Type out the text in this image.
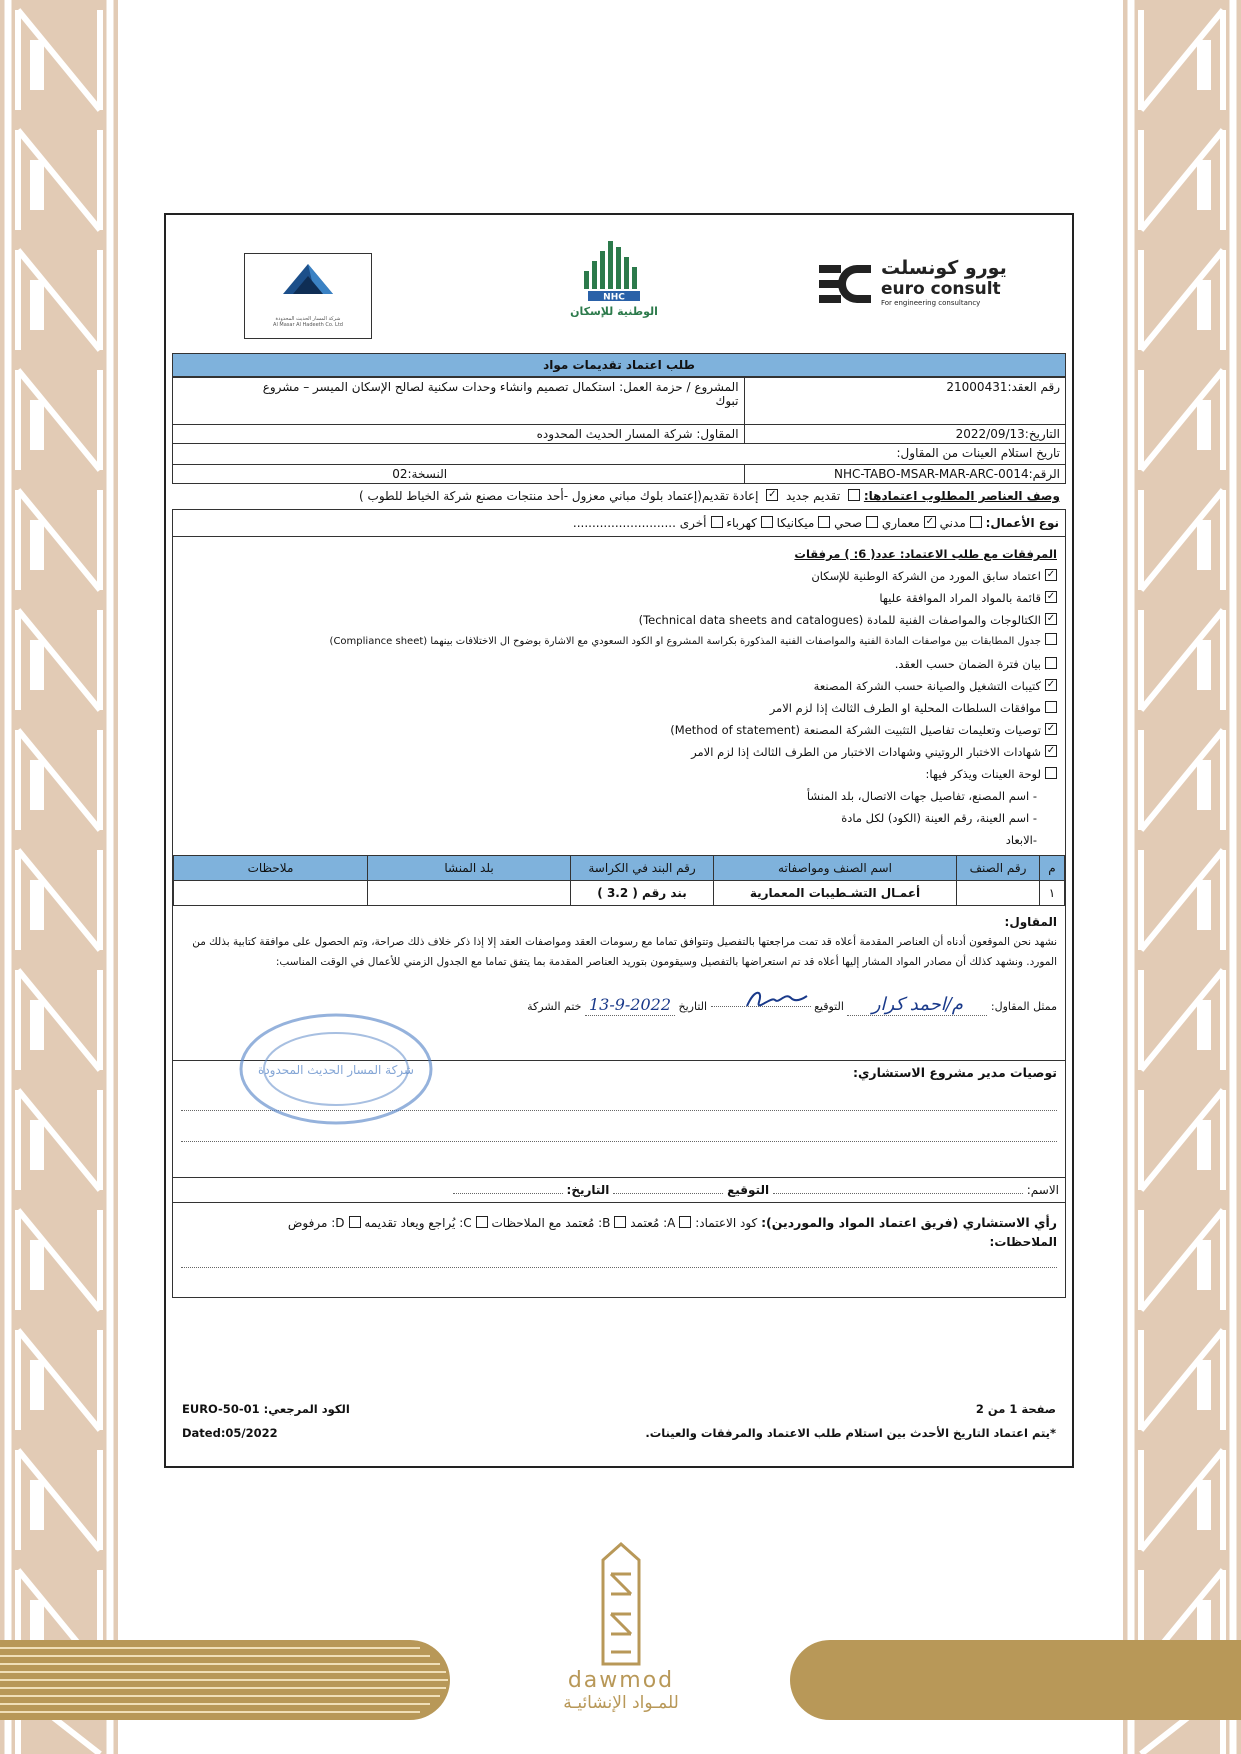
يورو كونسلت
euro consult
For engineering consultancy
NHC
الوطنية للإسكان
شركة المسار الحديث المحدودة
Al Masar Al Hadeeth Co. Ltd
طلب اعتماد تقديمات مواد
رقم العقد:21000431	المشروع / حزمة العمل: استكمال تصميم وانشاء وحدات سكنية لصالح الإسكان الميسر – مشروع
تبوك

التاريخ:2022/09/13	المقاول: شركة المسار الحديث المحدوده
تاريخ استلام العينات من المقاول:	
الرقم:NHC-TABO-MSAR-MAR-ARC-0014	النسخة:02
وصف العناصر المطلوب اعتمادها:  تقديم جديد  ✓ إعادة تقديم(إعتماد بلوك مباني معزول -أحد منتجات مصنع شركة الخياط للطوب )
نوع الأعمال: مدني ✓معماري صحي ميكانيكا كهرباء أخرى ...........................
المرفقات مع طلب الاعتماد: عدد( 6: ) مرفقات
✓اعتماد سابق المورد من الشركة الوطنية للإسكان
✓قائمة بالمواد المراد الموافقة عليها
✓الكتالوجات والمواصفات الفنية للمادة (Technical data sheets and catalogues)
جدول المطابقات بين مواصفات المادة الفنية والمواصفات الفنية المذكورة بكراسة المشروع او الكود السعودي مع الاشارة بوضوح ال الاختلافات بينهما (Compliance sheet)
بيان فترة الضمان حسب العقد.
✓كتيبات التشغيل والصيانة حسب الشركة المصنعة
موافقات السلطات المحلية او الطرف الثالث إذا لزم الامر
✓توصيات وتعليمات تفاصيل التثبيت الشركة المصنعة (Method of statement)
✓شهادات الاختبار الروتيني وشهادات الاختبار من الطرف الثالث إذا لزم الامر
لوحة العينات ويذكر فيها:
- اسم المصنع، تفاصيل جهات الاتصال، بلد المنشأ
- اسم العينة، رقم العينة (الكود) لكل مادة
-الابعاد
م	رقم الصنف	اسم الصنف ومواصفاته	رقم البند في الكراسة	بلد المنشا	ملاحظات
١		أعمـال التشـطيبات المعمارية	بند رقم ( 3.2 )		
المقاول:
نشهد نحن الموقعون أدناه أن العناصر المقدمة أعلاه قد تمت مراجعتها بالتفصيل وتتوافق تماما مع رسومات العقد ومواصفات العقد إلا إذا ذكر خلاف ذلك صراحة، وتم الحصول على موافقة كتابية بذلك من المورد. ونشهد كذلك أن مصادر المواد المشار إليها أعلاه قد تم استعراضها بالتفصيل وسيقومون بتوريد العناصر المقدمة بما يتفق تماما مع الجدول الزمني للأعمال في الوقت المناسب:
ممثل المقاول: م/احمد كرار التوقيع  التاريخ 13-9-2022 ختم الشركة
توصيات مدير مشروع الاستشاري:
الاسم:  التوقيع  التاريخ:
رأي الاستشاري (فريق اعتماد المواد والموردين): كود الاعتماد: A: مُعتمد B: مُعتمد مع الملاحظات C: يُراجع ويعاد تقديمه D: مرفوض
الملاحظات:
صفحة 1 من 2
*يتم اعتماد التاريخ الأحدث بين استلام طلب الاعتماد والمرفقات والعينات.
الكود المرجعي: EURO-50-01
Dated:05/2022
شركة المسار الحديث المحدودة
dawmod
للمـواد الإنشائيـة
